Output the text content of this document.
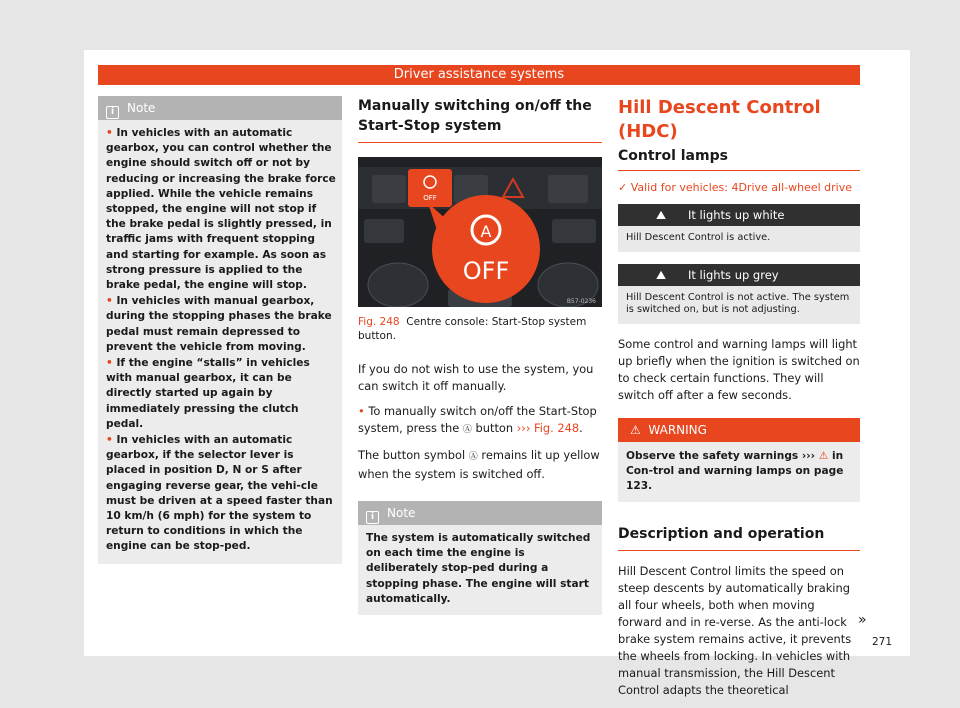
Driver assistance systems
i Note

• In vehicles with an automatic gearbox, you can control whether the engine should switch off or not by reducing or increasing the brake force applied. While the vehicle remains stopped, the engine will not stop if the brake pedal is slightly pressed, in traffic jams with frequent stopping and starting for example. As soon as strong pressure is applied to the brake pedal, the engine will stop.

• In vehicles with manual gearbox, during the stopping phases the brake pedal must remain depressed to prevent the vehicle from moving.

• If the engine “stalls” in vehicles with manual gearbox, it can be directly started up again by immediately pressing the clutch pedal.

• In vehicles with an automatic gearbox, if the selector lever is placed in position D, N or S after engaging reverse gear, the vehi-cle must be driven at a speed faster than 10 km/h (6 mph) for the system to return to conditions in which the engine can be stop-ped.

Manually switching on/off the Start-Stop system
OFF
A
OFF
B57-0236
Fig. 248 Centre console: Start-Stop system button.

If you do not wish to use the system, you can switch it off manually.

• To manually switch on/off the Start-Stop system, press the Ⓐ button ››› Fig. 248.

The button symbol Ⓐ remains lit up yellow when the system is switched off.

i Note
The system is automatically switched on each time the engine is deliberately stop-ped during a stopping phase. The engine will start automatically.
Hill Descent Control (HDC)
Control lamps
✓ Valid for vehicles: 4Drive all-wheel drive
⛰ It lights up white
Hill Descent Control is active.
⛰ It lights up grey
Hill Descent Control is not active. The system is switched on, but is not adjusting.

Some control and warning lamps will light up briefly when the ignition is switched on to check certain functions. They will switch off after a few seconds.

⚠ WARNING
Observe the safety warnings ››› ⚠ in Con-trol and warning lamps on page 123.
Description and operation

Hill Descent Control limits the speed on steep descents by automatically braking all four wheels, both when moving forward and in re-verse. As the anti-lock brake system remains active, it prevents the wheels from locking. In vehicles with manual transmission, the Hill Descent Control adapts the theoretical

»
271
